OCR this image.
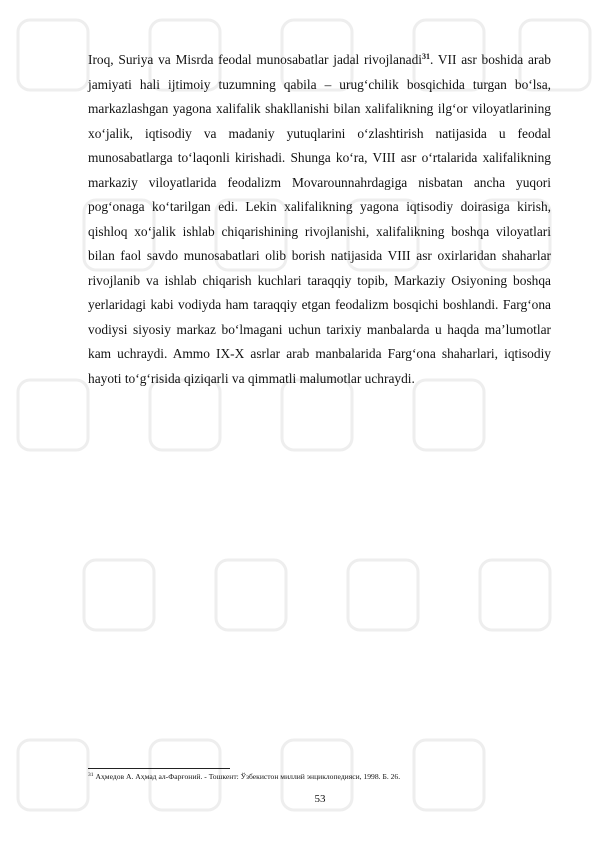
Iroq, Suriya va Misrda feodal munosabatlar jadal rivojlanadi$^{31}$. VII asr boshida arab jamiyati hali ijtimoiy tuzumning qabila – urug‘chilik bosqichida turgan bo‘lsa, markazlashgan yagona xalifalik shakllanishi bilan xalifalikning ilg‘or viloyatlarining xo‘jalik, iqtisodiy va madaniy yutuqlarini o‘zlashtirish natijasida u feodal munosabatlarga to‘laqonli kirishadi. Shunga ko‘ra, VIII asr o‘rtalarida xalifalikning markaziy viloyatlarida feodalizm Movarounnahrdagiga nisbatan ancha yuqori pog‘onaga ko‘tarilgan edi. Lekin xalifalikning yagona iqtisodiy doirasiga kirish, qishloq xo‘jalik ishlab chiqarishining rivojlanishi, xalifalikning boshqa viloyatlari bilan faol savdo munosabatlari olib borish natijasida VIII asr oxirlaridan shaharlar rivojlanib va ishlab chiqarish kuchlari taraqqiy topib, Markaziy Osiyoning boshqa yerlaridagi kabi vodiyda ham taraqqiy etgan feodalizm bosqichi boshlandi. Farg‘ona vodiysi siyosiy markaz bo‘lmagani uchun tarixiy manbalarda u haqda ma’lumotlar kam uchraydi. Ammo IX-X asrlar arab manbalarida Farg‘ona shaharlari, iqtisodiy hayoti to‘g‘risida qiziqarli va qimmatli malumotlar uchraydi.

$^{31}$ Аҳмедов А. Аҳмад ал-Фарғоний. - Тошкент: Ўзбекистон миллий энциклопедияси, 1998. Б. 26.

53
